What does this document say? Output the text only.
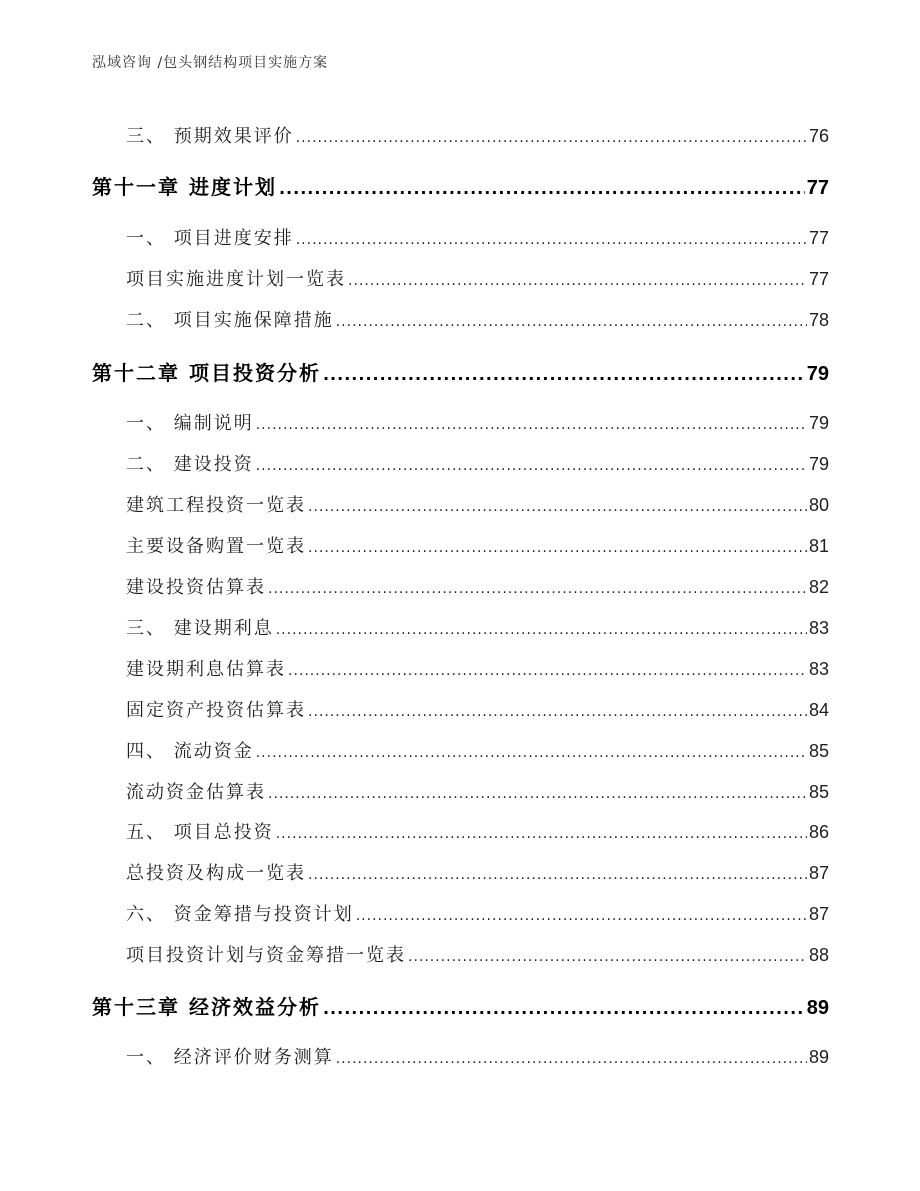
泓域咨询 /包头钢结构项目实施方案
三、 预期效果评价 .....	76
第十一章 进度计划 .....	77
一、 项目进度安排 .....	77
项目实施进度计划一览表 .....	77
二、 项目实施保障措施 .....	78
第十二章 项目投资分析 .....	79
一、 编制说明 .....	79
二、 建设投资 .....	79
建筑工程投资一览表 .....	80
主要设备购置一览表 .....	81
建设投资估算表 .....	82
三、 建设期利息 .....	83
建设期利息估算表 .....	83
固定资产投资估算表 .....	84
四、 流动资金 .....	85
流动资金估算表 .....	85
五、 项目总投资 .....	86
总投资及构成一览表 .....	87
六、 资金筹措与投资计划 .....	87
项目投资计划与资金筹措一览表 .....	88
第十三章 经济效益分析 .....	89
一、 经济评价财务测算 .....	89
